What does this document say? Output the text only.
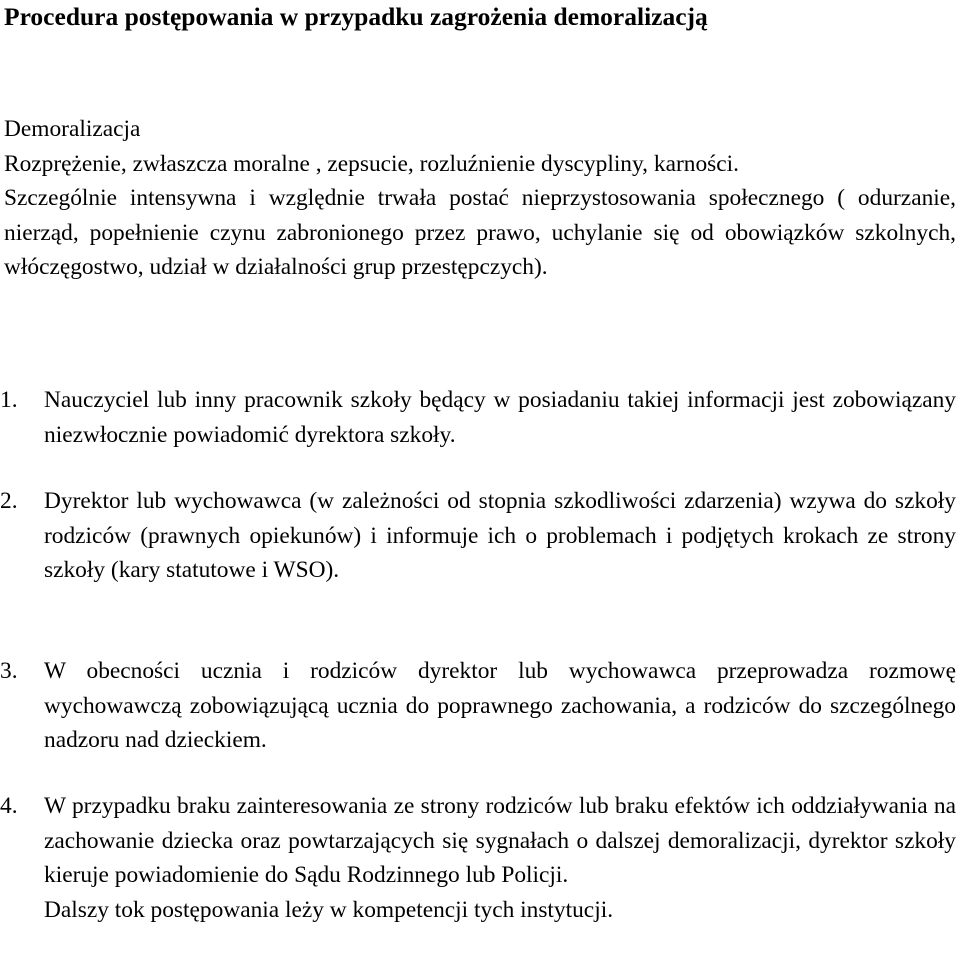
Procedura postępowania w przypadku zagrożenia demoralizacją
Demoralizacja
Rozprężenie, zwłaszcza moralne , zepsucie, rozluźnienie dyscypliny, karności.
Szczególnie intensywna i względnie trwała postać nieprzystosowania społecznego ( odurzanie, nierząd, popełnienie czynu zabronionego przez prawo, uchylanie się od obowiązków szkolnych, włóczęgostwo, udział w działalności grup przestępczych).
1.	Nauczyciel lub inny pracownik szkoły będący w posiadaniu takiej informacji jest zobowiązany niezwłocznie powiadomić dyrektora szkoły.
2.	Dyrektor lub wychowawca (w zależności od stopnia szkodliwości zdarzenia) wzywa do szkoły rodziców (prawnych opiekunów) i informuje ich o problemach i podjętych krokach ze strony szkoły (kary statutowe i WSO).
3.	W obecności ucznia i rodziców dyrektor lub wychowawca przeprowadza rozmowę wychowawczą zobowiązującą ucznia do poprawnego zachowania, a rodziców do szczególnego nadzoru nad dzieckiem.
4.	W przypadku braku zainteresowania ze strony rodziców lub braku efektów ich oddziaływania na zachowanie dziecka oraz powtarzających się sygnałach o dalszej demoralizacji, dyrektor szkoły kieruje powiadomienie do Sądu Rodzinnego lub Policji.
Dalszy tok postępowania leży w kompetencji tych instytucji.
